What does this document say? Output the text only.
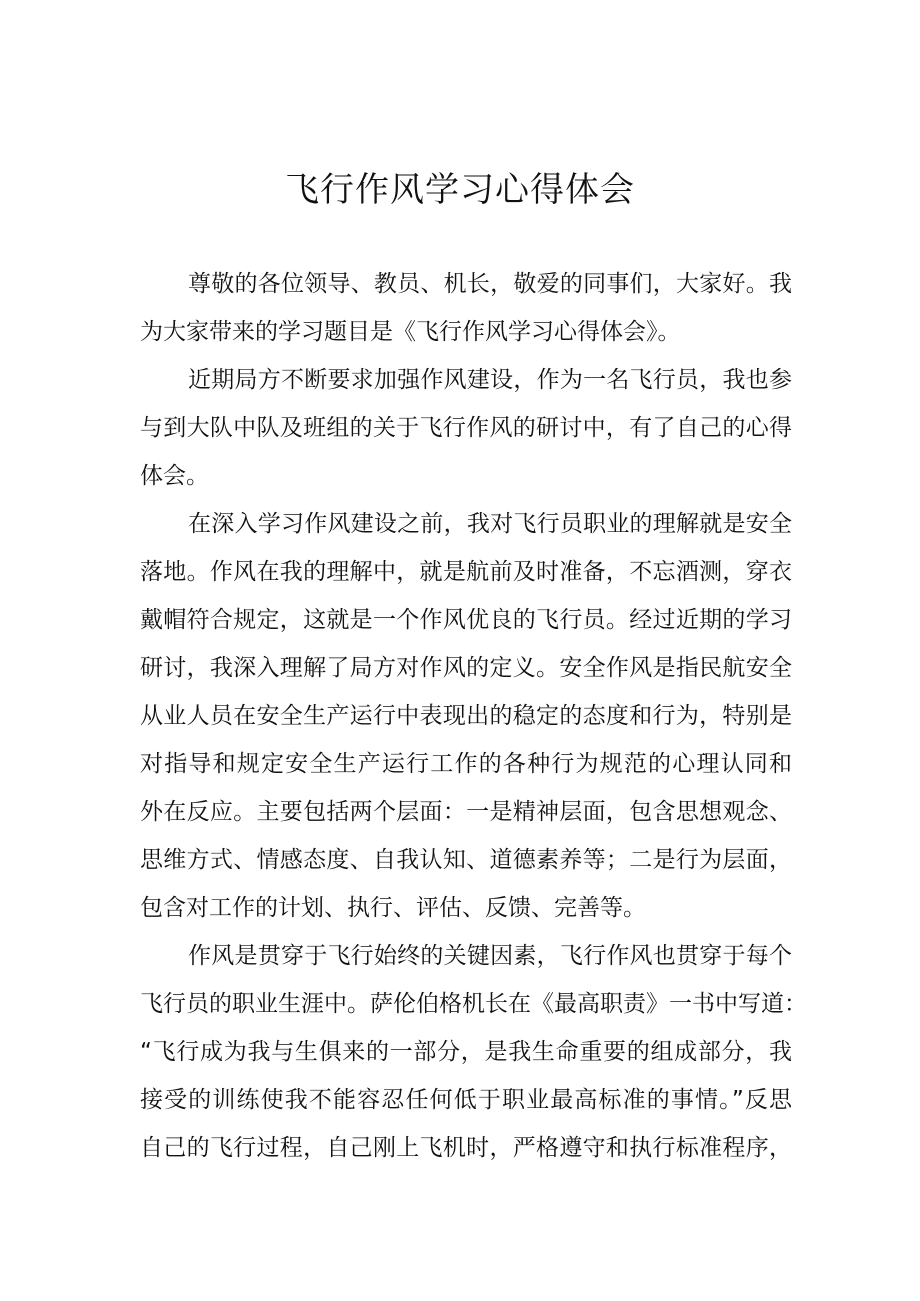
飞行作风学习心得体会
尊敬的各位领导、教员、机长，敬爱的同事们，大家好。我
为大家带来的学习题目是《飞行作风学习心得体会》。
近期局方不断要求加强作风建设，作为一名飞行员，我也参
与到大队中队及班组的关于飞行作风的研讨中，有了自己的心得
体会。
在深入学习作风建设之前，我对飞行员职业的理解就是安全
落地。作风在我的理解中，就是航前及时准备，不忘酒测，穿衣
戴帽符合规定，这就是一个作风优良的飞行员。经过近期的学习
研讨，我深入理解了局方对作风的定义。安全作风是指民航安全
从业人员在安全生产运行中表现出的稳定的态度和行为，特别是
对指导和规定安全生产运行工作的各种行为规范的心理认同和
外在反应。主要包括两个层面：一是精神层面，包含思想观念、
思维方式、情感态度、自我认知、道德素养等；二是行为层面，
包含对工作的计划、执行、评估、反馈、完善等。
作风是贯穿于飞行始终的关键因素，飞行作风也贯穿于每个
飞行员的职业生涯中。萨伦伯格机长在《最高职责》一书中写道：
“飞行成为我与生俱来的一部分，是我生命重要的组成部分，我
接受的训练使我不能容忍任何低于职业最高标准的事情。”反思
自己的飞行过程，自己刚上飞机时，严格遵守和执行标准程序，
